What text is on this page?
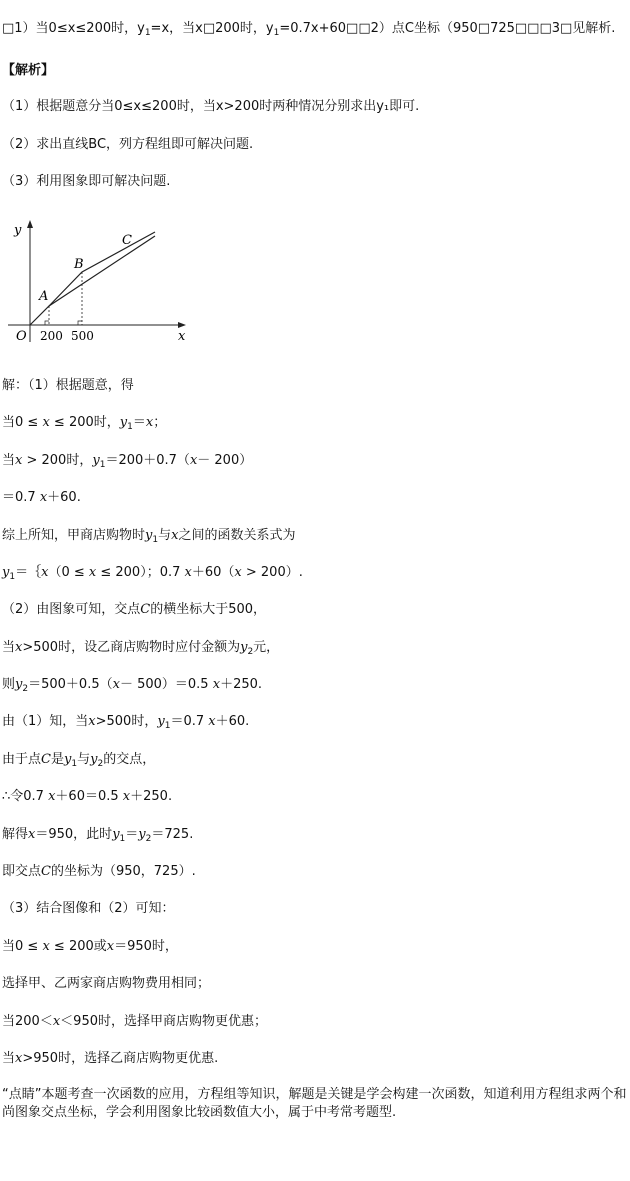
□1）当0≤x≤200时，$y_1=x$，当x□200时，$y_1=0.7x+60□□2$）点C坐标（950□725□□□3□见解析.
【解析】
（1）根据题意分当0≤x≤200时，当x>200时两种情况分别求出y₁即可.
（2）求出直线BC，列方程组即可解决问题.
（3）利用图象即可解决问题.
y
x
O
A
B
C
200 500
解：（1）根据题意，得
当0 ≤ x ≤ 200时，$y_1=x$；
当x > 200时，$y_1=200+0.7(x- 200)$
＝0.7 x＋60.
综上所知，甲商店购物时$y_1$与x之间的函数关系式为
$y_1=\{x(0 \le x \le 200)$；0.7 x＋60（x > 200）.
（2）由图象可知，交点C的横坐标大于500，
当x>500时，设乙商店购物时应付金额为$y_2$元，
则$y_2=500+0.5(x- 500)=0.5$ x＋250.
由（1）知，当x>500时，$y_1=0.7$ x＋60.
由于点C是$y_1$与$y_2$的交点，
∴令0.7 x＋60＝0.5 x＋250.
解得x＝950，此时$y_1=y_2=725$.
即交点C的坐标为（950，725）.
（3）结合图像和（2）可知：
当0 ≤ x ≤ 200或x＝950时，
选择甲、乙两家商店购物费用相同；
当200＜x＜950时，选择甲商店购物更优惠；
当x>950时，选择乙商店购物更优惠.
“点睛”本题考查一次函数的应用，方程组等知识，解题是关键是学会构建一次函数，知道利用方程组求两个和尚图象交点坐标，学会利用图象比较函数值大小，属于中考常考题型.
